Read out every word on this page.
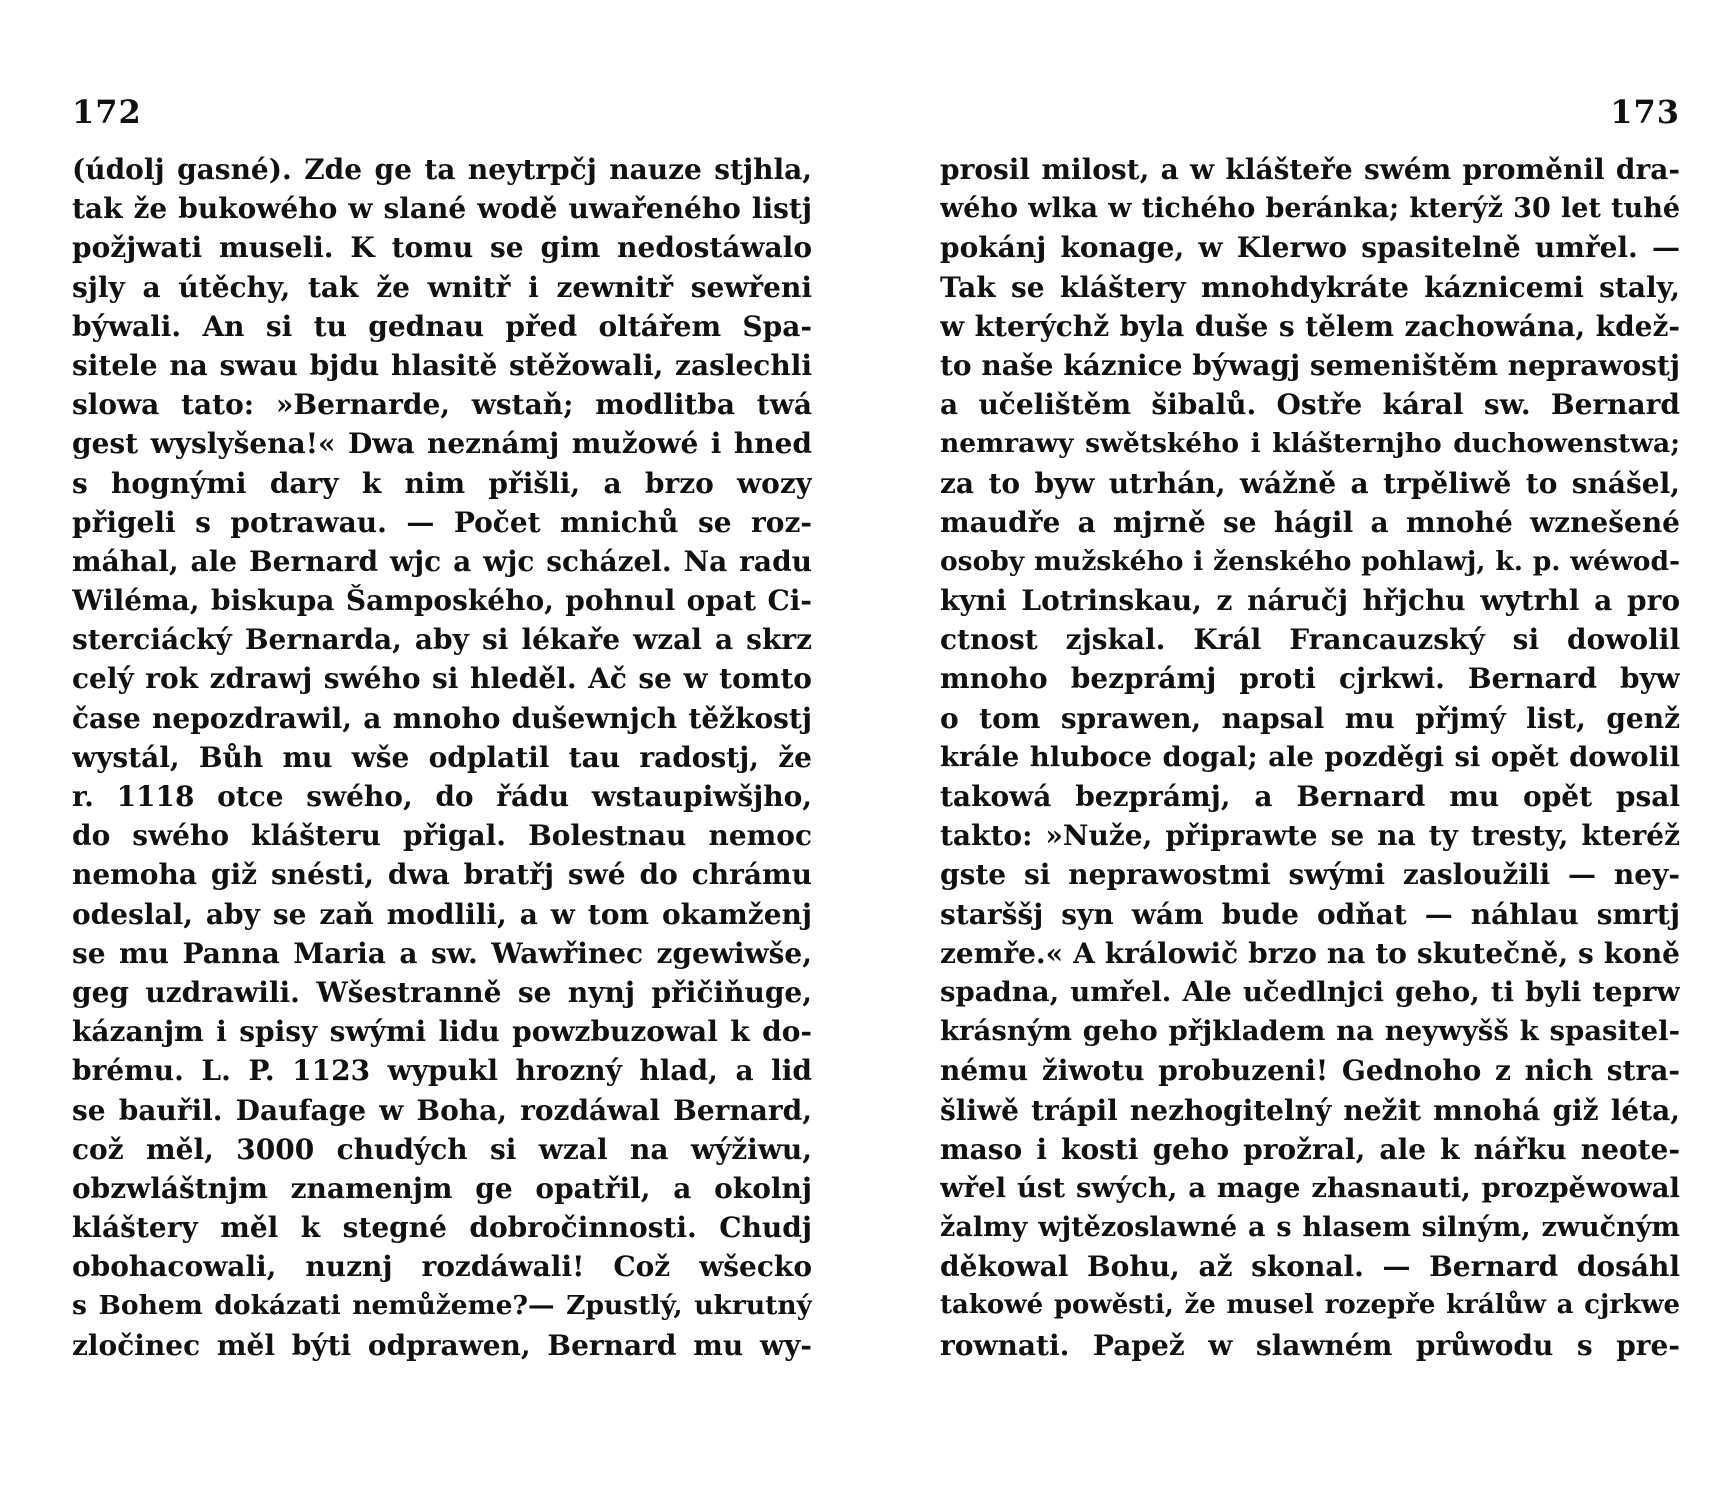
172
(údolj gasné). Zde ge ta neytrpčj nauze stjhla,
tak že bukowého w slané wodě uwařeného listj
požjwati museli. K tomu se gim nedostáwalo
sjly a útěchy, tak že wnitř i zewnitř sewřeni
býwali. An si tu gednau před oltářem Spa-
sitele na swau bjdu hlasitě stěžowali, zaslechli
slowa tato: »Bernarde, wstaň; modlitba twá
gest wyslyšena!« Dwa neznámj mužowé i hned
s hognými dary k nim přišli, a brzo wozy
přigeli s potrawau. — Počet mnichů se roz-
máhal, ale Bernard wjc a wjc scházel. Na radu
Wiléma, biskupa Šampoského, pohnul opat Ci-
sterciácký Bernarda, aby si lékaře wzal a skrz
celý rok zdrawj swého si hleděl. Ač se w tomto
čase nepozdrawil, a mnoho dušewnjch těžkostj
wystál, Bůh mu wše odplatil tau radostj, že
r. 1118 otce swého, do řádu wstaupiwšjho,
do swého klášteru přigal. Bolestnau nemoc
nemoha giž snésti, dwa bratřj swé do chrámu
odeslal, aby se zaň modlili, a w tom okamženj
se mu Panna Maria a sw. Wawřinec zgewiwše,
geg uzdrawili. Wšestranně se nynj přičiňuge,
kázanjm i spisy swými lidu powzbuzowal k do-
brému. L. P. 1123 wypukl hrozný hlad, a lid
se bauřil. Daufage w Boha, rozdáwal Bernard,
což měl, 3000 chudých si wzal na wýžiwu,
obzwláštnjm znamenjm ge opatřil, a okolnj
kláštery měl k stegné dobročinnosti. Chudj
obohacowali, nuznj rozdáwali! Což wšecko
s Bohem dokázati nemůžeme?— Zpustlý, ukrutný
zločinec měl býti odprawen, Bernard mu wy-
173
prosil milost, a w klášteře swém proměnil dra-
wého wlka w tichého beránka; kterýž 30 let tuhé
pokánj konage, w Klerwo spasitelně umřel. —
Tak se kláštery mnohdykráte káznicemi staly,
w kterýchž byla duše s tělem zachowána, kdež-
to naše káznice býwagj semeništěm neprawostj
a učelištěm šibalů. Ostře káral sw. Bernard
nemrawy swětského i klášternjho duchowenstwa;
za to byw utrhán, wážně a trpěliwě to snášel,
maudře a mjrně se hágil a mnohé wznešené
osoby mužského i ženského pohlawj, k. p. wéwod-
kyni Lotrinskau, z náručj hřjchu wytrhl a pro
ctnost zjskal. Král Francauzský si dowolil
mnoho bezprámj proti cjrkwi. Bernard byw
o tom sprawen, napsal mu přjmý list, genž
krále hluboce dogal; ale pozděgi si opět dowolil
takowá bezprámj, a Bernard mu opět psal
takto: »Nuže, připrawte se na ty tresty, kteréž
gste si neprawostmi swými zasloužili — ney-
starššj syn wám bude odňat — náhlau smrtj
zemře.« A králowič brzo na to skutečně, s koně
spadna, umřel. Ale učedlnjci geho, ti byli teprw
krásným geho přjkladem na neywyšš k spasitel-
nému žiwotu probuzeni! Gednoho z nich stra-
šliwě trápil nezhogitelný nežit mnohá giž léta,
maso i kosti geho prožral, ale k nářku neote-
wřel úst swých, a mage zhasnauti, prozpěwowal
žalmy wjtězoslawné a s hlasem silným, zwučným
děkowal Bohu, až skonal. — Bernard dosáhl
takowé powěsti, že musel rozepře králůw a cjrkwe
rownati. Papež w slawném průwodu s pre-
